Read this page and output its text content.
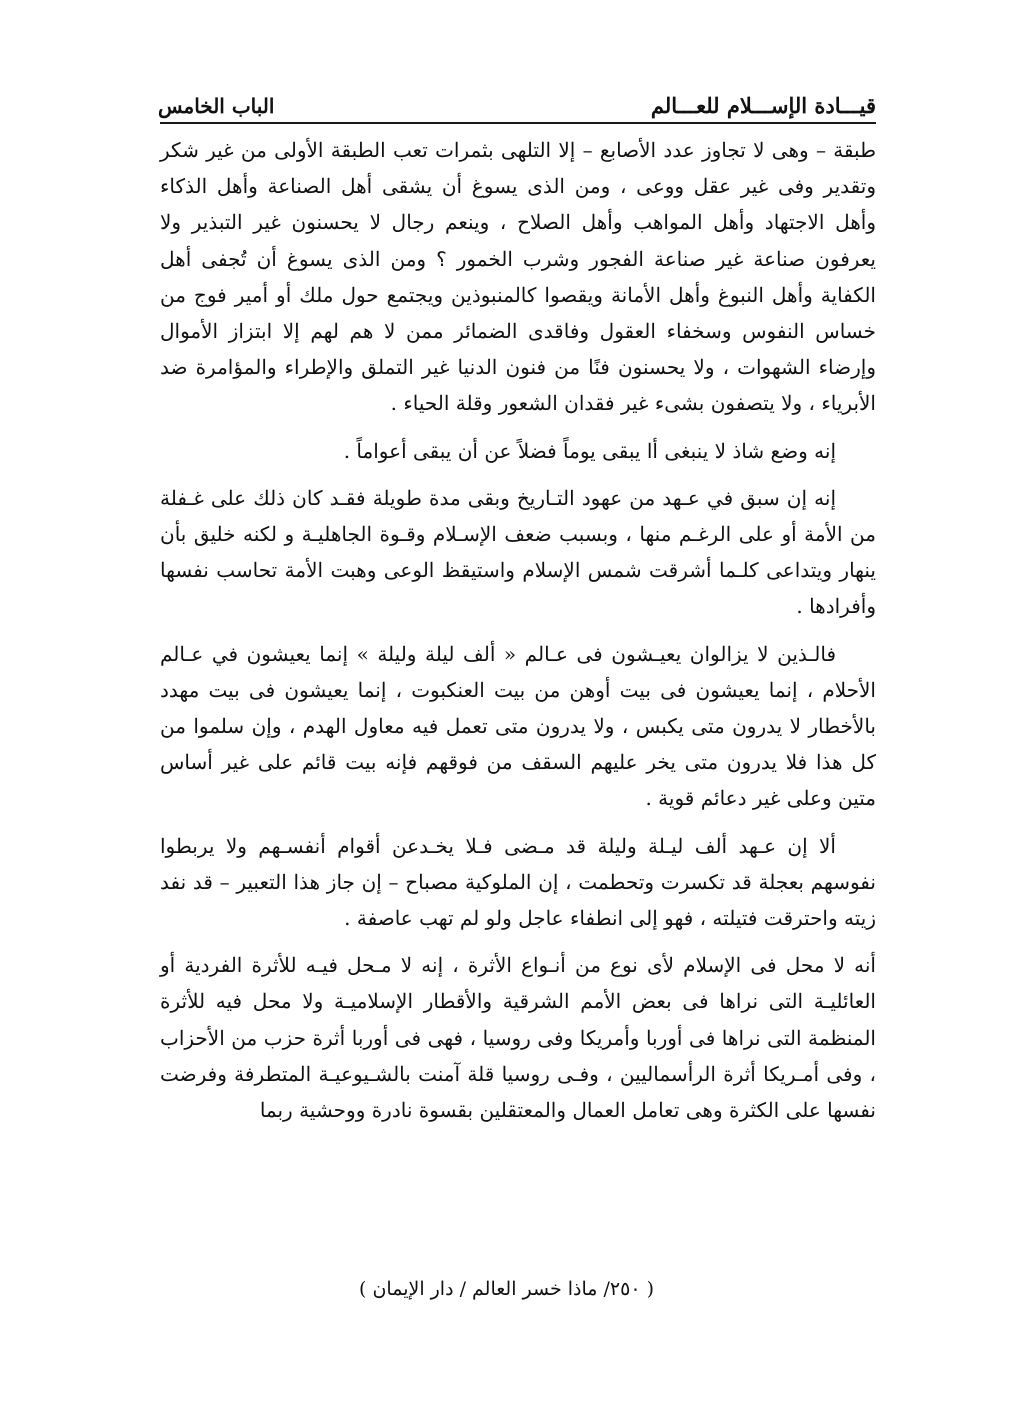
قيـــادة الإســـلام للعـــالم
الباب الخامس

طبقة – وهى لا تجاوز عدد الأصابع – إلا التلهى بثمرات تعب الطبقة الأولى من غير شكر وتقدير وفى غير عقل ووعى ، ومن الذى يسوغ أن يشقى أهل الصناعة وأهل الذكاء وأهل الاجتهاد وأهل المواهب وأهل الصلاح ، وينعم رجال لا يحسنون غير التبذير ولا يعرفون صناعة غير صناعة الفجور وشرب الخمور ؟ ومن الذى يسوغ أن تُجفى أهل الكفاية وأهل النبوغ وأهل الأمانة ويقصوا كالمنبوذين ويجتمع حول ملك أو أمير فوج من خساس النفوس وسخفاء العقول وفاقدى الضمائر ممن لا هم لهم إلا ابتزاز الأموال وإرضاء الشهوات ، ولا يحسنون فنًا من فنون الدنيا غير التملق والإطراء والمؤامرة ضد الأبرياء ، ولا يتصفون بشىء غير فقدان الشعور وقلة الحياء .

إنه وضع شاذ لا ينبغى أا يبقى يوماً فضلاً عن أن يبقى أعواماً .

إنه إن سبق في عـهد من عهود التـاريخ وبقى مدة طويلة فقـد كان ذلك على غـفلة من الأمة أو على الرغـم منها ، وبسبب ضعف الإسـلام وقـوة الجاهليـة و لكنه خليق بأن ينهار ويتداعى كلـما أشرقت شمس الإسلام واستيقظ الوعى وهبت الأمة تحاسب نفسها وأفرادها .

فالـذين لا يزالوان يعيـشون فى عـالم « ألف ليلة وليلة » إنما يعيشون في عـالم الأحلام ، إنما يعيشون فى بيت أوهن من بيت العنكبوت ، إنما يعيشون فى بيت مهدد بالأخطار لا يدرون متى يكبس ، ولا يدرون متى تعمل فيه معاول الهدم ، وإن سلموا من كل هذا فلا يدرون متى يخر عليهم السقف من فوقهم فإنه بيت قائم على غير أساس متين وعلى غير دعائم قوية .

ألا إن عـهد ألف ليـلة وليلة قد مـضى فـلا يخـدعن أقوام أنفسـهم ولا يربطوا نفوسهم بعجلة قد تكسرت وتحطمت ، إن الملوكية مصباح – إن جاز هذا التعبير – قد نفد زيته واحترقت فتيلته ، فهو إلى انطفاء عاجل ولو لم تهب عاصفة .

أنه لا محل فى الإسلام لأى نوع من أنـواع الأثرة ، إنه لا مـحل فيـه للأثرة الفردية أو العائليـة التى نراها فى بعض الأمم الشرقية والأقطار الإسلاميـة ولا محل فيه للأثرة المنظمة التى نراها فى أوربا وأمريكا وفى روسيا ، فهى فى أوربا أثرة حزب من الأحزاب ، وفى أمـريكا أثرة الرأسماليين ، وفـى روسيا قلة آمنت بالشـيوعيـة المتطرفة وفرضت نفسها على الكثرة وهى تعامل العمال والمعتقلين بقسوة نادرة ووحشية ربما

( ٢٥٠/ ماذا خسر العالم / دار الإيمان )
